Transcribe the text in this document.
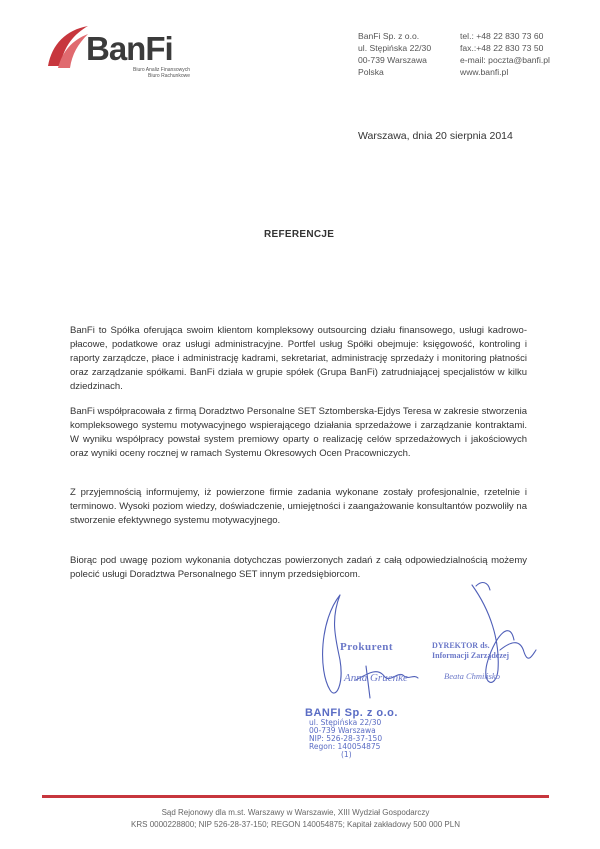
BanFi
Biuro Analiz Finansowych
Biuro Rachunkowe
BanFi Sp. z o.o.
ul. Stępińska 22/30
00-739 Warszawa
Polska
tel.: +48 22 830 73 60
fax.:+48 22 830 73 50
e-mail: poczta@banfi.pl
www.banfi.pl
Warszawa, dnia 20 sierpnia 2014
REFERENCJE
BanFi to Spółka oferująca swoim klientom kompleksowy outsourcing działu finansowego, usługi kadrowo-płacowe, podatkowe oraz usługi administracyjne. Portfel usług Spółki obejmuje: księgowość, kontroling i raporty zarządcze, płace i administrację kadrami, sekretariat, administrację sprzedaży i monitoring płatności oraz zarządzanie spółkami. BanFi działa w grupie spółek (Grupa BanFi) zatrudniającej specjalistów w kilku dziedzinach.
BanFi współpracowała z firmą Doradztwo Personalne SET Sztomberska-Ejdys Teresa w zakresie stworzenia kompleksowego systemu motywacyjnego wspierającego działania sprzedażowe i zarządzanie kontraktami. W wyniku współpracy powstał system premiowy oparty o realizację celów sprzedażowych i jakościowych oraz wyniki oceny rocznej w ramach Systemu Okresowych Ocen Pracowniczych.
Z przyjemnością informujemy, iż powierzone firmie zadania wykonane zostały profesjonalnie, rzetelnie i terminowo. Wysoki poziom wiedzy, doświadczenie, umiejętności i zaangażowanie konsultantów pozwoliły na stworzenie efektywnego systemu motywacyjnego.
Biorąc pod uwagę poziom wykonania dotychczas powierzonych zadań z całą odpowiedzialnością możemy polecić usługi Doradztwa Personalnego SET innym przedsiębiorcom.
Prokurent
Anna Gruenke
DYREKTOR ds.
Informacji Zarządczej
Beata Chmińsko
BANFI Sp. z o.o.
ul. Stępińska 22/30
00-739 Warszawa
NIP: 526-28-37-150
Regon: 140054875
(1)
Sąd Rejonowy dla m.st. Warszawy w Warszawie, XIII Wydział Gospodarczy
KRS 0000228800; NIP 526-28-37-150; REGON 140054875; Kapitał zakładowy 500 000 PLN
